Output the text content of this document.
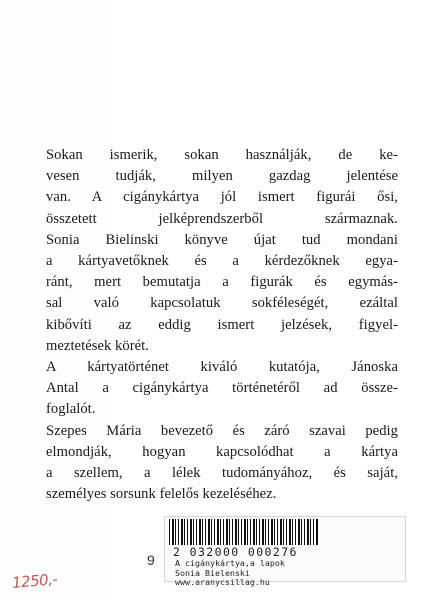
Sokan ismerik, sokan használják, de ke-
vesen tudják, milyen gazdag jelentése
van. A cigánykártya jól ismert figurái ősi,
összetett jelképrendszerből származnak.
Sonia Bielinski könyve újat tud mondani
a kártyavetőknek és a kérdezőknek egya-
ránt, mert bemutatja a figurák és egymás-
sal való kapcsolatuk sokféleségét, ezáltal
kibővíti az eddig ismert jelzések, figyel-
meztetések körét.

A kártyatörténet kiváló kutatója, Jánoska
Antal a cigánykártya történetéről ad össze-
foglalót.

Szepes Mária bevezető és záró szavai pedig
elmondják, hogyan kapcsolódhat a kártya
a szellem, a lélek tudományához, és saját,
személyes sorsunk felelős kezeléséhez.

9 2 032000 000276
A cigánykártya,a lapok
Sonia Bielenski
www.aranycsillag.hu
1250,-
